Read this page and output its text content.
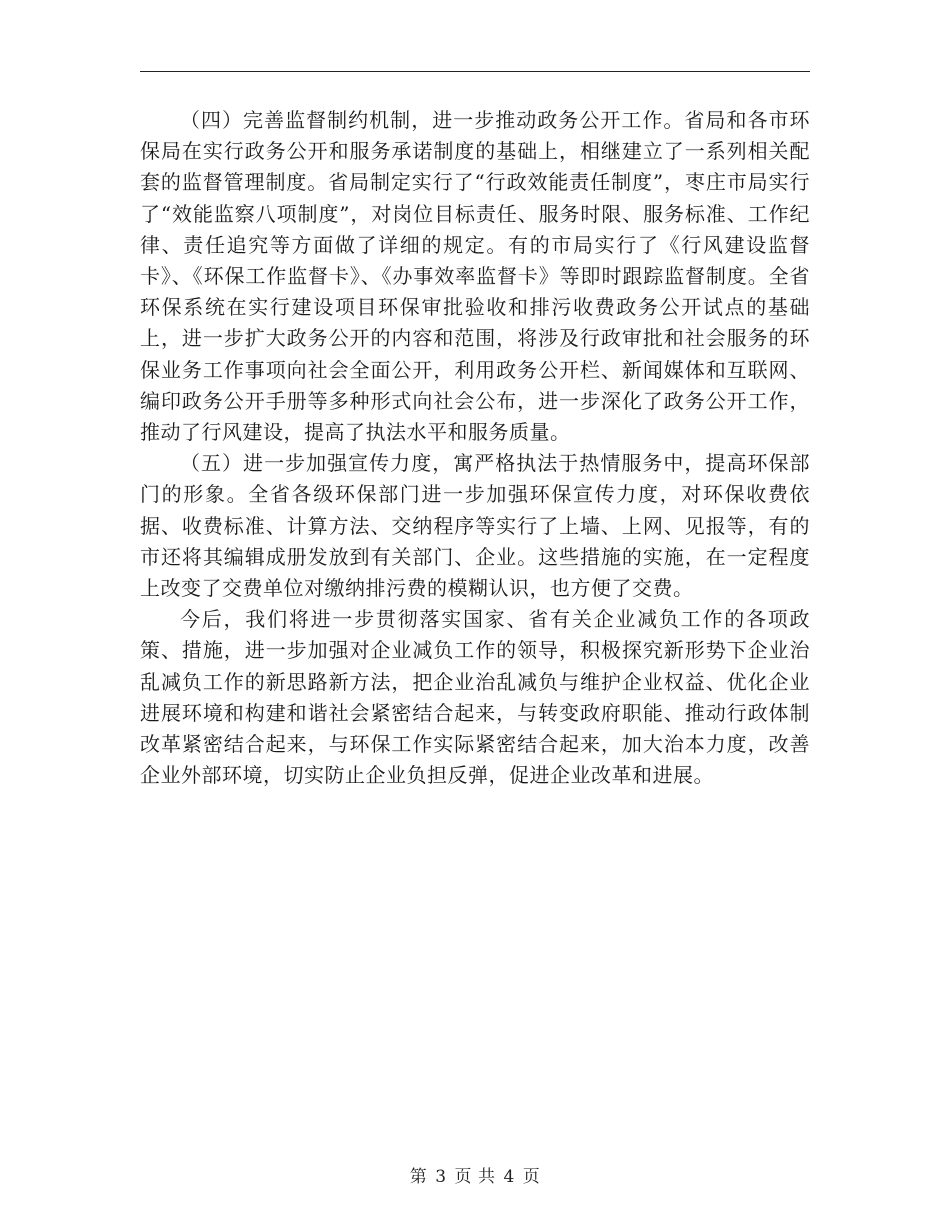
（四）完善监督制约机制，进一步推动政务公开工作。省局和各市环保局在实行政务公开和服务承诺制度的基础上，相继建立了一系列相关配套的监督管理制度。省局制定实行了“行政效能责任制度”，枣庄市局实行了“效能监察八项制度”，对岗位目标责任、服务时限、服务标准、工作纪律、责任追究等方面做了详细的规定。有的市局实行了《行风建设监督卡》、《环保工作监督卡》、《办事效率监督卡》等即时跟踪监督制度。全省环保系统在实行建设项目环保审批验收和排污收费政务公开试点的基础上，进一步扩大政务公开的内容和范围，将涉及行政审批和社会服务的环保业务工作事项向社会全面公开，利用政务公开栏、新闻媒体和互联网、编印政务公开手册等多种形式向社会公布，进一步深化了政务公开工作，推动了行风建设，提高了执法水平和服务质量。

（五）进一步加强宣传力度，寓严格执法于热情服务中，提高环保部门的形象。全省各级环保部门进一步加强环保宣传力度，对环保收费依据、收费标准、计算方法、交纳程序等实行了上墙、上网、见报等，有的市还将其编辑成册发放到有关部门、企业。这些措施的实施，在一定程度上改变了交费单位对缴纳排污费的模糊认识，也方便了交费。

今后，我们将进一步贯彻落实国家、省有关企业减负工作的各项政策、措施，进一步加强对企业减负工作的领导，积极探究新形势下企业治乱减负工作的新思路新方法，把企业治乱减负与维护企业权益、优化企业进展环境和构建和谐社会紧密结合起来，与转变政府职能、推动行政体制改革紧密结合起来，与环保工作实际紧密结合起来，加大治本力度，改善企业外部环境，切实防止企业负担反弹，促进企业改革和进展。

第 3 页 共 4 页
